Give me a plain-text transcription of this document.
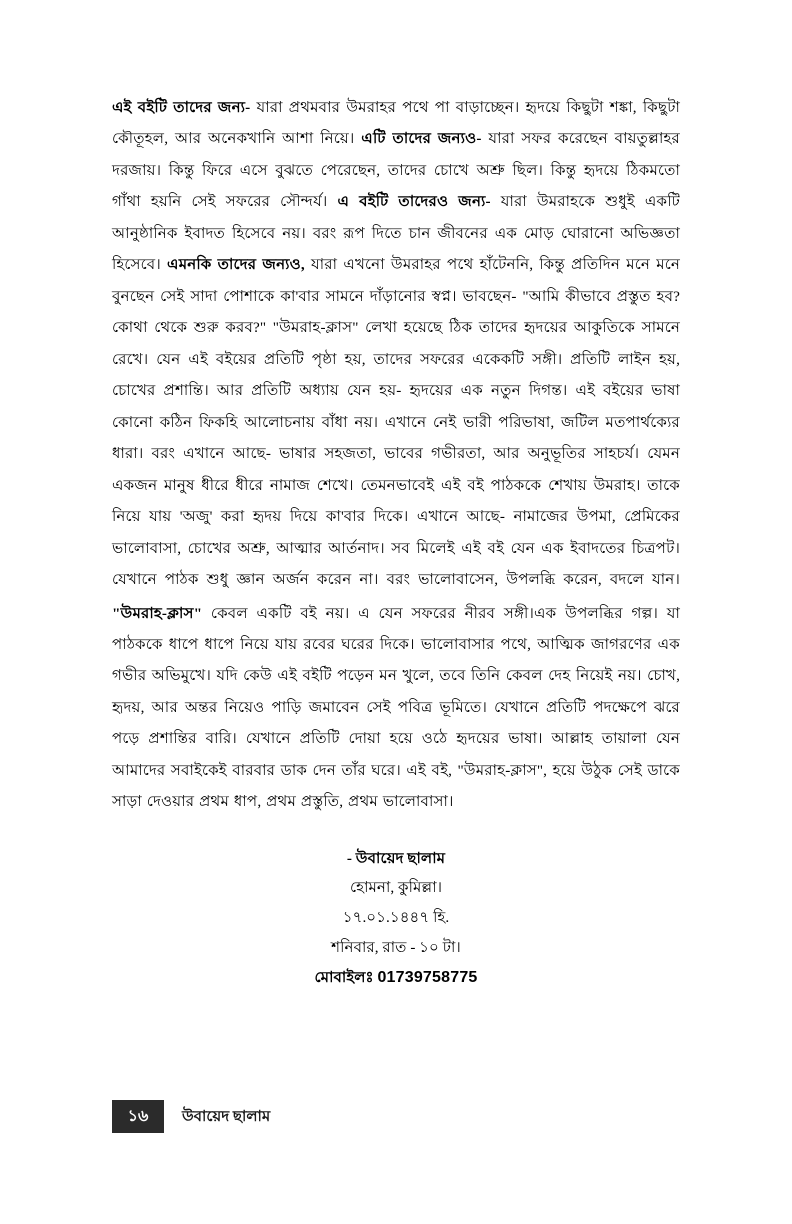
এই বইটি তাদের জন্য- যারা প্রথমবার উমরাহর পথে পা বাড়াচ্ছেন। হৃদয়ে কিছুটা শঙ্কা, কিছুটা কৌতূহল, আর অনেকখানি আশা নিয়ে। এটি তাদের জন্যও- যারা সফর করেছেন বায়তুল্লাহর দরজায়। কিন্তু ফিরে এসে বুঝতে পেরেছেন, তাদের চোখে অশ্রু ছিল। কিন্তু হৃদয়ে ঠিকমতো গাঁথা হয়নি সেই সফরের সৌন্দর্য। এ বইটি তাদেরও জন্য- যারা উমরাহকে শুধুই একটি আনুষ্ঠানিক ইবাদত হিসেবে নয়। বরং রূপ দিতে চান জীবনের এক মোড় ঘোরানো অভিজ্ঞতা হিসেবে। এমনকি তাদের জন্যও, যারা এখনো উমরাহর পথে হাঁটেননি, কিন্তু প্রতিদিন মনে মনে বুনছেন সেই সাদা পোশাকে কা'বার সামনে দাঁড়ানোর স্বপ্ন। ভাবছেন- "আমি কীভাবে প্রস্তুত হব? কোথা থেকে শুরু করব?" "উমরাহ-ক্লাস" লেখা হয়েছে ঠিক তাদের হৃদয়ের আকুতিকে সামনে রেখে। যেন এই বইয়ের প্রতিটি পৃষ্ঠা হয়, তাদের সফরের একেকটি সঙ্গী। প্রতিটি লাইন হয়, চোখের প্রশান্তি। আর প্রতিটি অধ্যায় যেন হয়- হৃদয়ের এক নতুন দিগন্ত। এই বইয়ের ভাষা কোনো কঠিন ফিকহি আলোচনায় বাঁধা নয়। এখানে নেই ভারী পরিভাষা, জটিল মতপার্থক্যের ধারা। বরং এখানে আছে- ভাষার সহজতা, ভাবের গভীরতা, আর অনুভূতির সাহচর্য। যেমন একজন মানুষ ধীরে ধীরে নামাজ শেখে। তেমনভাবেই এই বই পাঠককে শেখায় উমরাহ। তাকে নিয়ে যায় 'অজু' করা হৃদয় দিয়ে কা'বার দিকে। এখানে আছে- নামাজের উপমা, প্রেমিকের ভালোবাসা, চোখের অশ্রু, আত্মার আর্তনাদ। সব মিলেই এই বই যেন এক ইবাদতের চিত্রপট। যেখানে পাঠক শুধু জ্ঞান অর্জন করেন না। বরং ভালোবাসেন, উপলব্ধি করেন, বদলে যান।

"উমরাহ-ক্লাস" কেবল একটি বই নয়। এ যেন সফরের নীরব সঙ্গী।এক উপলব্ধির গল্প। যা পাঠককে ধাপে ধাপে নিয়ে যায় রবের ঘরের দিকে। ভালোবাসার পথে, আত্মিক জাগরণের এক গভীর অভিমুখে। যদি কেউ এই বইটি পড়েন মন খুলে, তবে তিনি কেবল দেহ নিয়েই নয়। চোখ, হৃদয়, আর অন্তর নিয়েও পাড়ি জমাবেন সেই পবিত্র ভূমিতে। যেখানে প্রতিটি পদক্ষেপে ঝরে পড়ে প্রশান্তির বারি। যেখানে প্রতিটি দোয়া হয়ে ওঠে হৃদয়ের ভাষা। আল্লাহ তায়ালা যেন আমাদের সবাইকেই বারবার ডাক দেন তাঁর ঘরে। এই বই, "উমরাহ-ক্লাস", হয়ে উঠুক সেই ডাকে সাড়া দেওয়ার প্রথম ধাপ, প্রথম প্রস্তুতি, প্রথম ভালোবাসা।

- উবায়েদ ছালাম
হোমনা, কুমিল্লা।
১৭.০১.১৪৪৭ হি.
শনিবার, রাত - ১০ টা।
মোবাইলঃ 01739758775
১৬	উবায়েদ ছালাম
